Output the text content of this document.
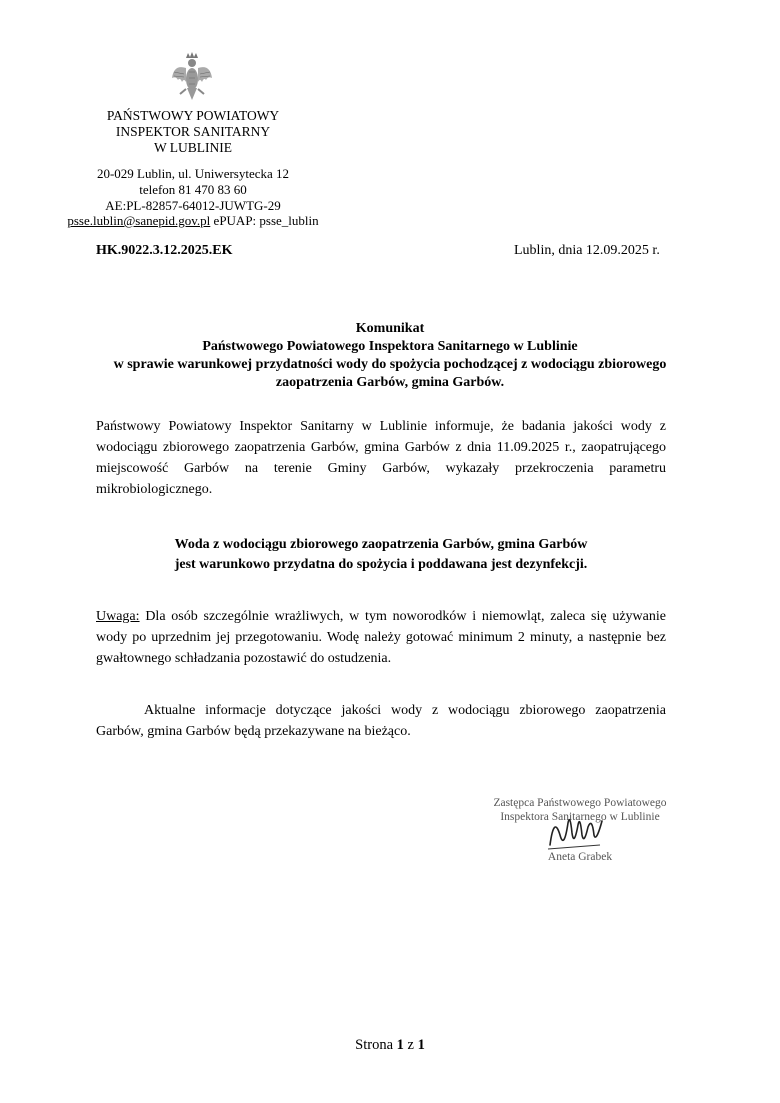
PAŃSTWOWY POWIATOWY
INSPEKTOR SANITARNY
W LUBLINIE
20-029 Lublin, ul. Uniwersytecka 12
telefon 81 470 83 60
AE:PL-82857-64012-JUWTG-29
psse.lublin@sanepid.gov.pl ePUAP: psse_lublin
HK.9022.3.12.2025.EK	Lublin, dnia 12.09.2025 r.
Komunikat
Państwowego Powiatowego Inspektora Sanitarnego w Lublinie
w sprawie warunkowej przydatności wody do spożycia pochodzącej z wodociągu zbiorowego
zaopatrzenia Garbów, gmina Garbów.

Państwowy Powiatowy Inspektor Sanitarny w Lublinie informuje, że badania jakości wody z wodociągu zbiorowego zaopatrzenia Garbów, gmina Garbów z dnia 11.09.2025 r., zaopatrującego miejscowość Garbów na terenie Gminy Garbów, wykazały przekroczenia parametru mikrobiologicznego.

Woda z wodociągu zbiorowego zaopatrzenia Garbów, gmina Garbów
jest warunkowo przydatna do spożycia i poddawana jest dezynfekcji.

Uwaga: Dla osób szczególnie wrażliwych, w tym noworodków i niemowląt, zaleca się używanie wody po uprzednim jej przegotowaniu. Wodę należy gotować minimum 2 minuty, a następnie bez gwałtownego schładzania pozostawić do ostudzenia.

Aktualne informacje dotyczące jakości wody z wodociągu zbiorowego zaopatrzenia Garbów, gmina Garbów będą przekazywane na bieżąco.

Zastępca Państwowego Powiatowego
Inspektora Sanitarnego w Lublinie
Aneta Grabek
Strona 1 z 1
